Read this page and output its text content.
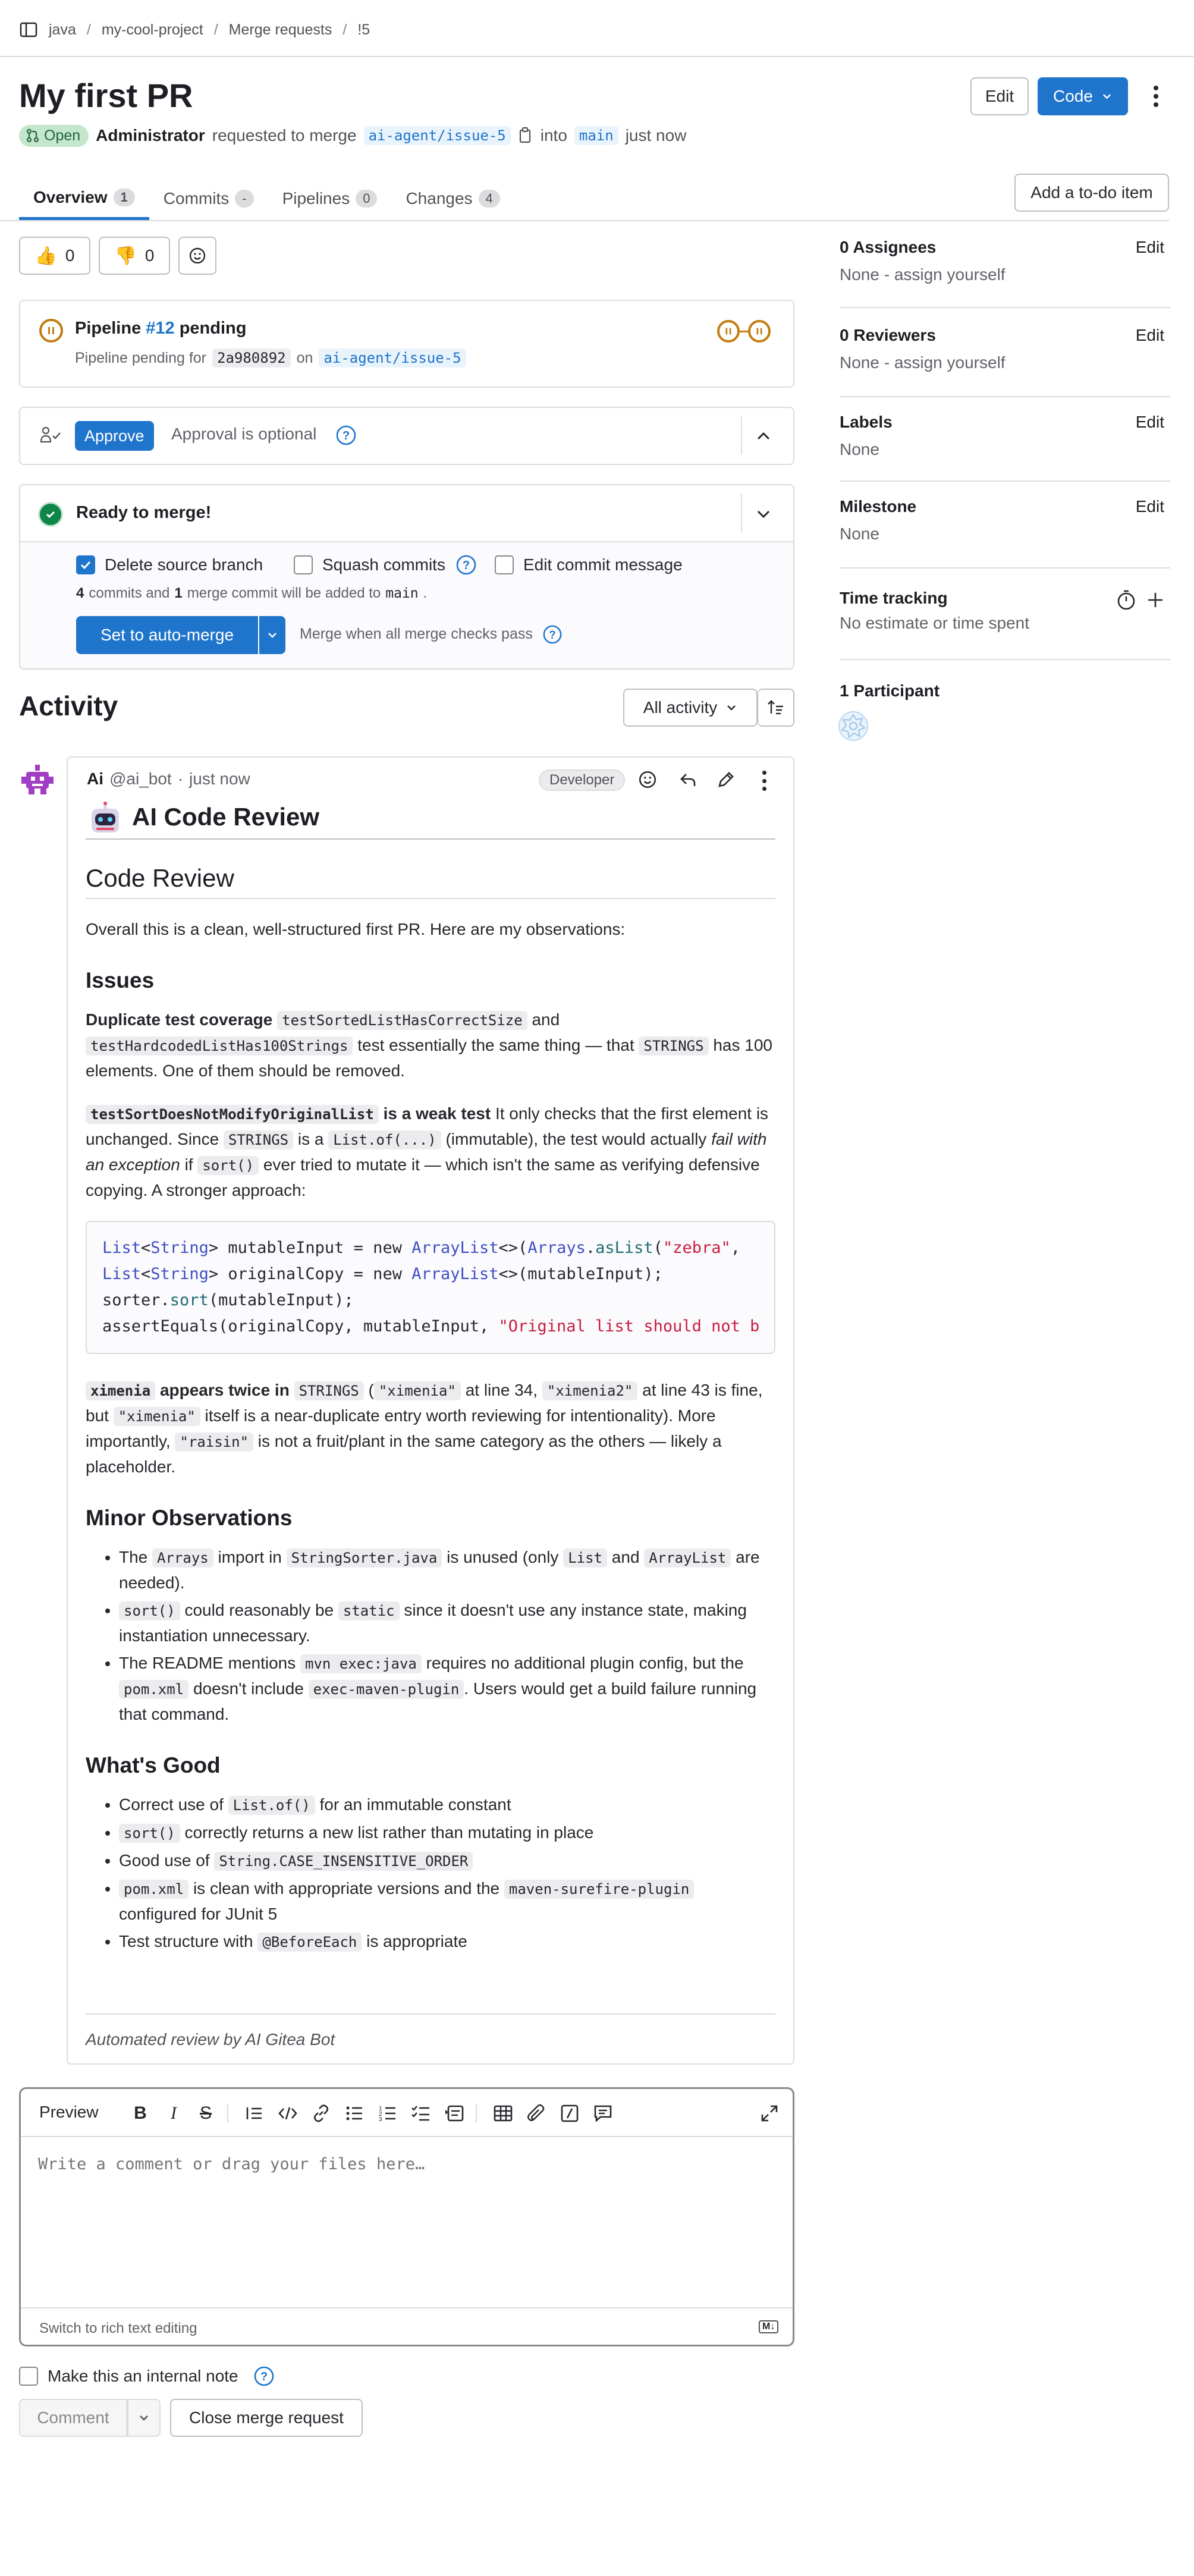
java / my-cool-project / Merge requests / !5
My first PR	Edit	Code
Open Administrator requested to merge ai-agent/issue-5 into main just now
Overview	1	Commits	-	Pipelines	0	Changes	4	Add a to-do item
👍 0 👎 0
Pipeline #12 pending
Pipeline pending for 2a980892 on ai-agent/issue-5
Approve	Approval is optional ?
Ready to merge!
Delete source branch	Squash commits ?	Edit commit message
4 commits and 1 merge commit will be added to main .
Set to auto-merge	Merge when all merge checks pass ?
0 Assignees
None - assign yourself
Edit
0 Reviewers
None - assign yourself
Edit
Labels
None
Edit
Milestone
None
Edit
Time tracking
No estimate or time spent
1 Participant
Activity	All activity
Ai @ai_bot · just now	Developer
AI Code Review
Code Review

Overall this is a clean, well-structured first PR. Here are my observations:

Issues

Duplicate test coverage testSortedListHasCorrectSize and testHardcodedListHas100Strings test essentially the same thing — that STRINGS has 100 elements. One of them should be removed.

testSortDoesNotModifyOriginalList is a weak test It only checks that the first element is unchanged. Since STRINGS is a List.of(...) (immutable), the test would actually fail with an exception if sort() ever tried to mutate it — which isn't the same as verifying defensive copying. A stronger approach:

List<String> mutableInput = new ArrayList<>(Arrays.asList("zebra",
List<String> originalCopy = new ArrayList<>(mutableInput);
sorter.sort(mutableInput);
assertEquals(originalCopy, mutableInput, "Original list should not b

ximenia appears twice in STRINGS ( "ximenia" at line 34, "ximenia2" at line 43 is fine, but "ximenia" itself is a near-duplicate entry worth reviewing for intentionality). More importantly, "raisin" is not a fruit/plant in the same category as the others — likely a placeholder.

Minor Observations
• The Arrays import in StringSorter.java is unused (only List and ArrayList are needed).
• sort() could reasonably be static since it doesn't use any instance state, making instantiation unnecessary.
• The README mentions mvn exec:java requires no additional plugin config, but the pom.xml doesn't include exec-maven-plugin . Users would get a build failure running that command.
What's Good
• Correct use of List.of() for an immutable constant
• sort() correctly returns a new list rather than mutating in place
• Good use of String.CASE_INSENSITIVE_ORDER
• pom.xml is clean with appropriate versions and the maven-surefire-plugin configured for JUnit 5
• Test structure with @BeforeEach is appropriate
Automated review by AI Gitea Bot
Preview	B	I	S	1
2
3
Write a comment or drag your files here…
Switch to rich text editing	M↓
Make this an internal note ?
Comment	Close merge request
